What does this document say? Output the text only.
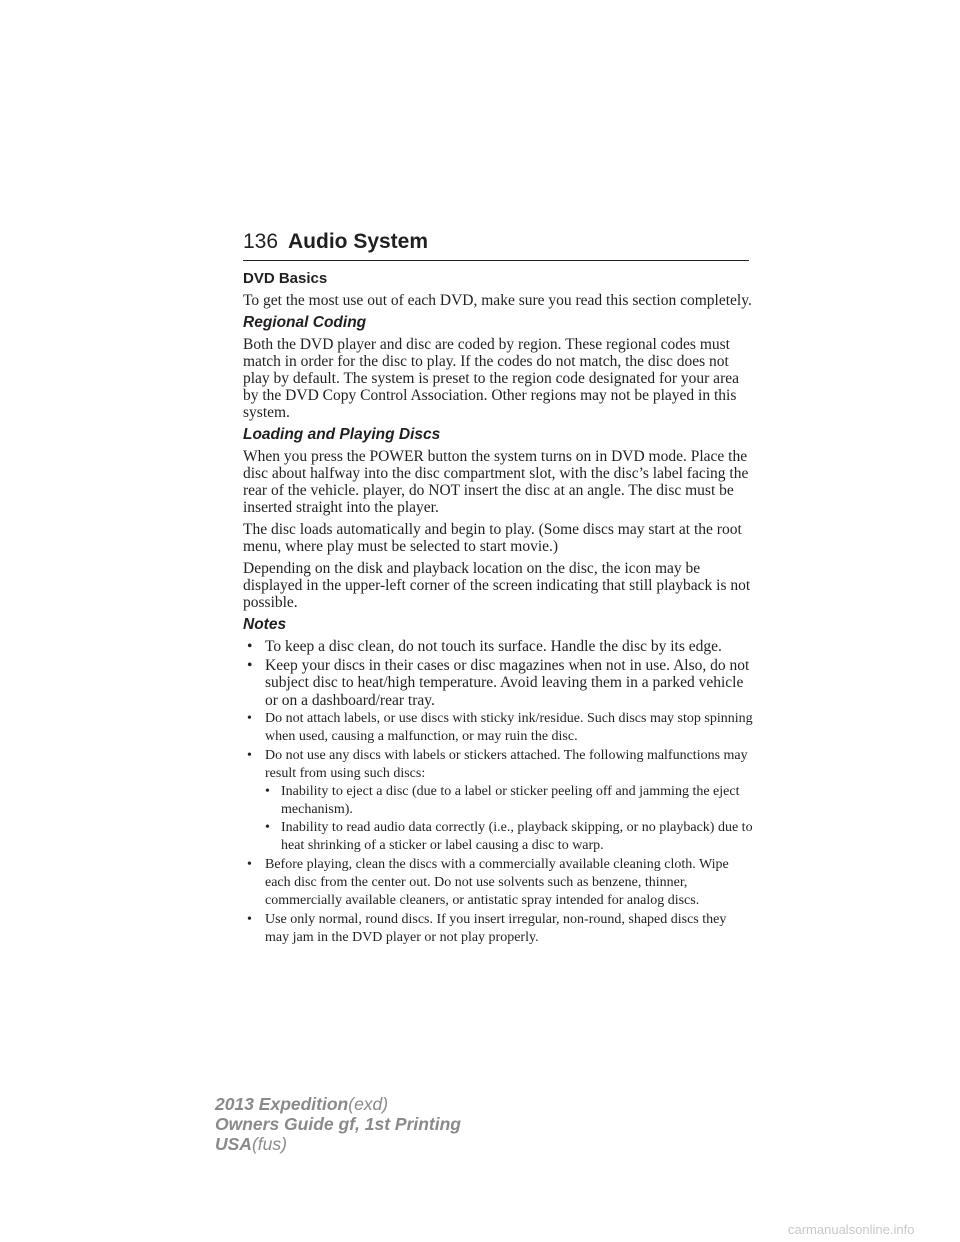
136 Audio System
DVD Basics

To get the most use out of each DVD, make sure you read this section completely.

Regional Coding

Both the DVD player and disc are coded by region. These regional codes must match in order for the disc to play. If the codes do not match, the disc does not play by default. The system is preset to the region code designated for your area by the DVD Copy Control Association. Other regions may not be played in this system.

Loading and Playing Discs

When you press the POWER button the system turns on in DVD mode. Place the disc about halfway into the disc compartment slot, with the disc’s label facing the rear of the vehicle. player, do NOT insert the disc at an angle. The disc must be inserted straight into the player.

The disc loads automatically and begin to play. (Some discs may start at the root menu, where play must be selected to start movie.)

Depending on the disk and playback location on the disc, the icon may be displayed in the upper-left corner of the screen indicating that still playback is not possible.

Notes
• To keep a disc clean, do not touch its surface. Handle the disc by its edge.
• Keep your discs in their cases or disc magazines when not in use. Also, do not subject disc to heat/high temperature. Avoid leaving them in a parked vehicle or on a dashboard/rear tray.
• Do not attach labels, or use discs with sticky ink/residue. Such discs may stop spinning when used, causing a malfunction, or may ruin the disc.
• Do not use any discs with labels or stickers attached. The following malfunctions may result from using such discs:
• Inability to eject a disc (due to a label or sticker peeling off and jamming the eject mechanism).
• Inability to read audio data correctly (i.e., playback skipping, or no playback) due to heat shrinking of a sticker or label causing a disc to warp.
• Before playing, clean the discs with a commercially available cleaning cloth. Wipe each disc from the center out. Do not use solvents such as benzene, thinner, commercially available cleaners, or antistatic spray intended for analog discs.
• Use only normal, round discs. If you insert irregular, non-round, shaped discs they may jam in the DVD player or not play properly.
2013 Expedition(exd)
Owners Guide gf, 1st Printing
USA(fus)
carmanualsonline.info
